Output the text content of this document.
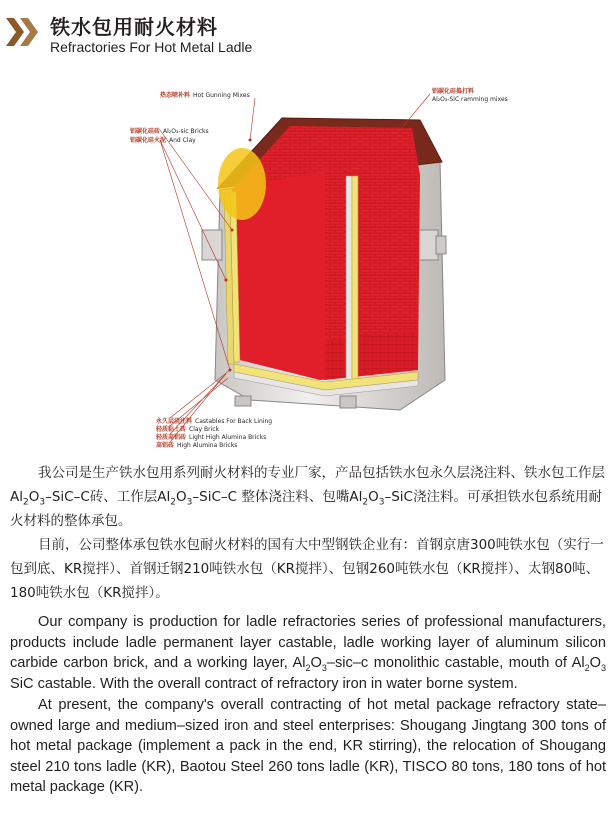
铁水包用耐火材料
Refractories For Hot Metal Ladle
热态喷补料 Hot Gunning Mixes
铝碳化硅捣打料
Al₂O₃-SiC ramming mixes
铝碳化硅砖 Al₂O₃-sic Bricks
铝碳化硅火泥 And Clay
永久层浇注料 Castables For Back Lining
轻质粘土砖 Clay Brick
轻质高铝砖 Light High Alumina Bricks
高铝砖 High Alumina Bricks

我公司是生产铁水包用系列耐火材料的专业厂家，产品包括铁水包永久层浇注料、铁水包工作层$Al_2O_3-SiC-C$砖、工作层$Al_2O_3-SiC-C$ 整体浇注料、包嘴$Al_2O_3$–SiC浇注料。可承担铁水包系统用耐火材料的整体承包。

目前，公司整体承包铁水包耐火材料的国有大中型钢铁企业有：首钢京唐300吨铁水包（实行一包到底、KR搅拌）、首钢迁钢210吨铁水包（KR搅拌）、包钢260吨铁水包（KR搅拌）、太钢80吨、180吨铁水包（KR搅拌）。

Our company is production for ladle refractories series of professional manufacturers, products include ladle permanent layer castable, ladle working layer of aluminum silicon carbide carbon brick, and a working layer, $Al_2O_3-sic-c$ monolithic castable, mouth of $Al_2O_3$ SiC castable. With the overall contract of refractory iron in water borne system.

At present, the company's overall contracting of hot metal package refractory state–owned large and medium–sized iron and steel enterprises: Shougang Jingtang 300 tons of hot metal package (implement a pack in the end, KR stirring), the relocation of Shougang steel 210 tons ladle (KR), Baotou Steel 260 tons ladle (KR), TISCO 80 tons, 180 tons of hot metal package (KR).
